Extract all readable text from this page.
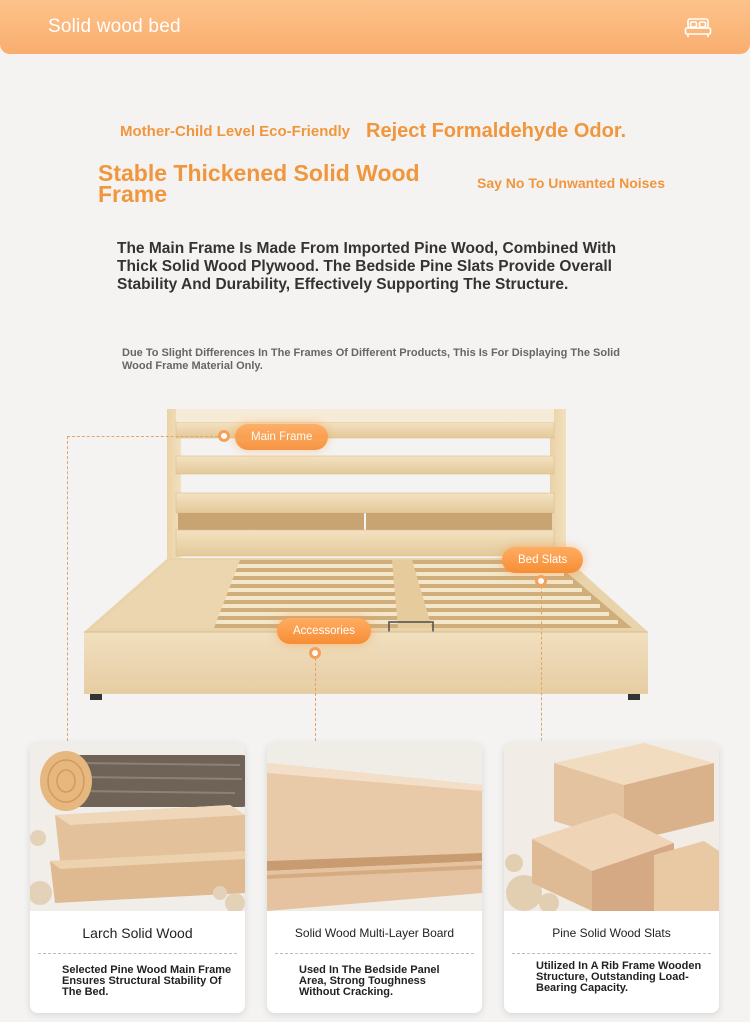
Solid wood bed
Mother-Child Level Eco-Friendly Reject Formaldehyde Odor.
Stable Thickened Solid Wood Frame	Say No To Unwanted Noises
The Main Frame Is Made From Imported Pine Wood, Combined With Thick Solid Wood Plywood. The Bedside Pine Slats Provide Overall Stability And Durability, Effectively Supporting The Structure.
Due To Slight Differences In The Frames Of Different Products, This Is For Displaying The Solid Wood Frame Material Only.
Main Frame
Bed Slats
Accessories
Larch Solid Wood
Selected Pine Wood Main Frame Ensures Structural Stability Of The Bed.
Solid Wood Multi-Layer Board
Used In The Bedside Panel Area, Strong Toughness Without Cracking.
Pine Solid Wood Slats
Utilized In A Rib Frame Wooden Structure, Outstanding Load-Bearing Capacity.
